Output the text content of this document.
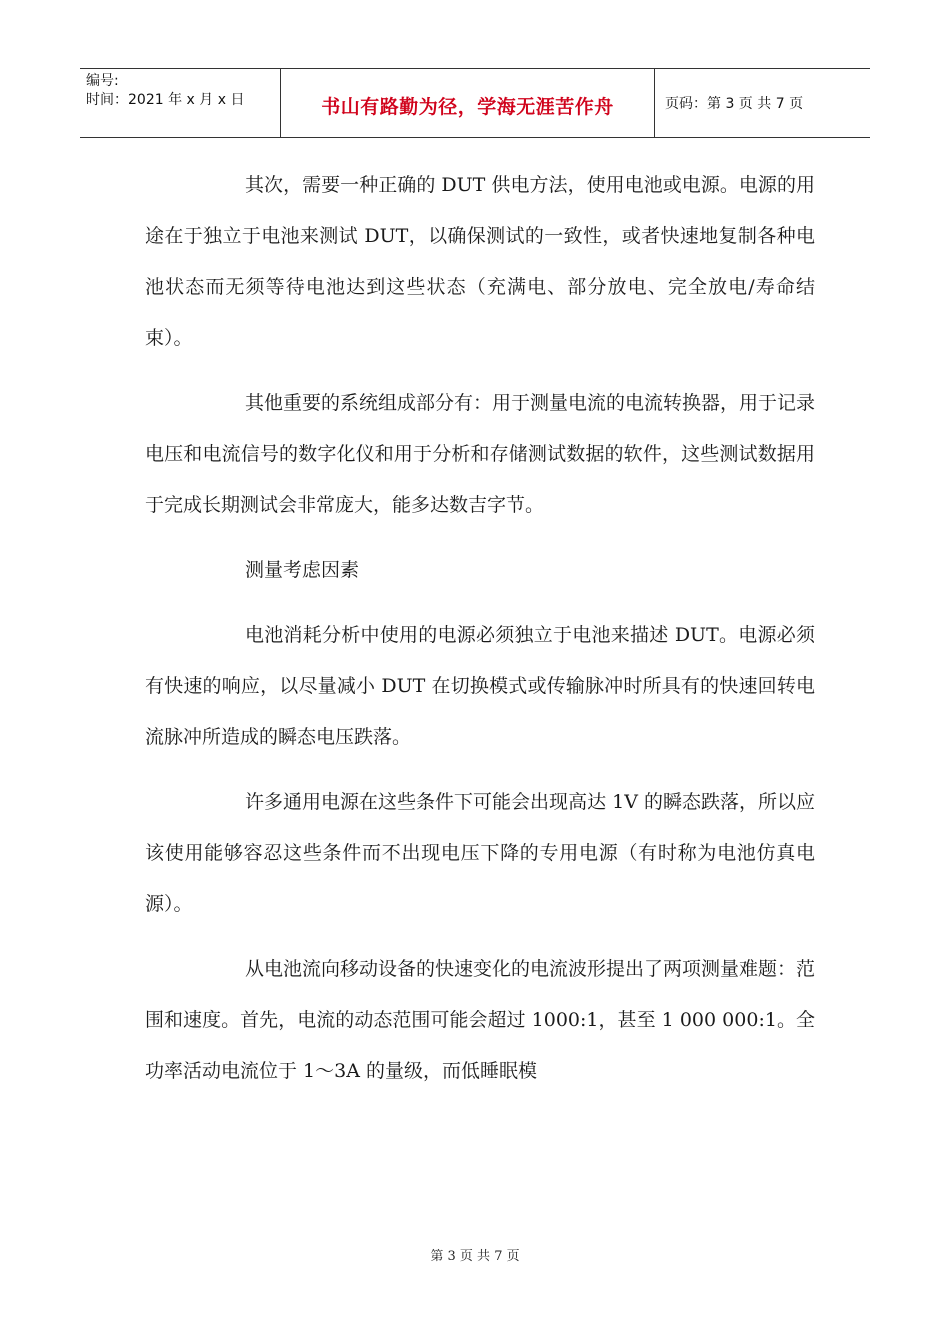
编号:
时间：2021 年 x 月 x 日	书山有路勤为径，学海无涯苦作舟	页码：第 3 页 共 7 页

其次，需要一种正确的 DUT 供电方法，使用电池或电源。电源的用途在于独立于电池来测试 DUT，以确保测试的一致性，或者快速地复制各种电池状态而无须等待电池达到这些状态（充满电、部分放电、完全放电/寿命结束）。

其他重要的系统组成部分有：用于测量电流的电流转换器，用于记录电压和电流信号的数字化仪和用于分析和存储测试数据的软件，这些测试数据用于完成长期测试会非常庞大，能多达数吉字节。

测量考虑因素

电池消耗分析中使用的电源必须独立于电池来描述 DUT。电源必须有快速的响应，以尽量减小 DUT 在切换模式或传输脉冲时所具有的快速回转电流脉冲所造成的瞬态电压跌落。

许多通用电源在这些条件下可能会出现高达 1V 的瞬态跌落，所以应该使用能够容忍这些条件而不出现电压下降的专用电源（有时称为电池仿真电源）。

从电池流向移动设备的快速变化的电流波形提出了两项测量难题：范围和速度。首先，电流的动态范围可能会超过 1000:1，甚至 1 000 000:1。全功率活动电流位于 1～3A 的量级，而低睡眠模

第 3 页 共 7 页
